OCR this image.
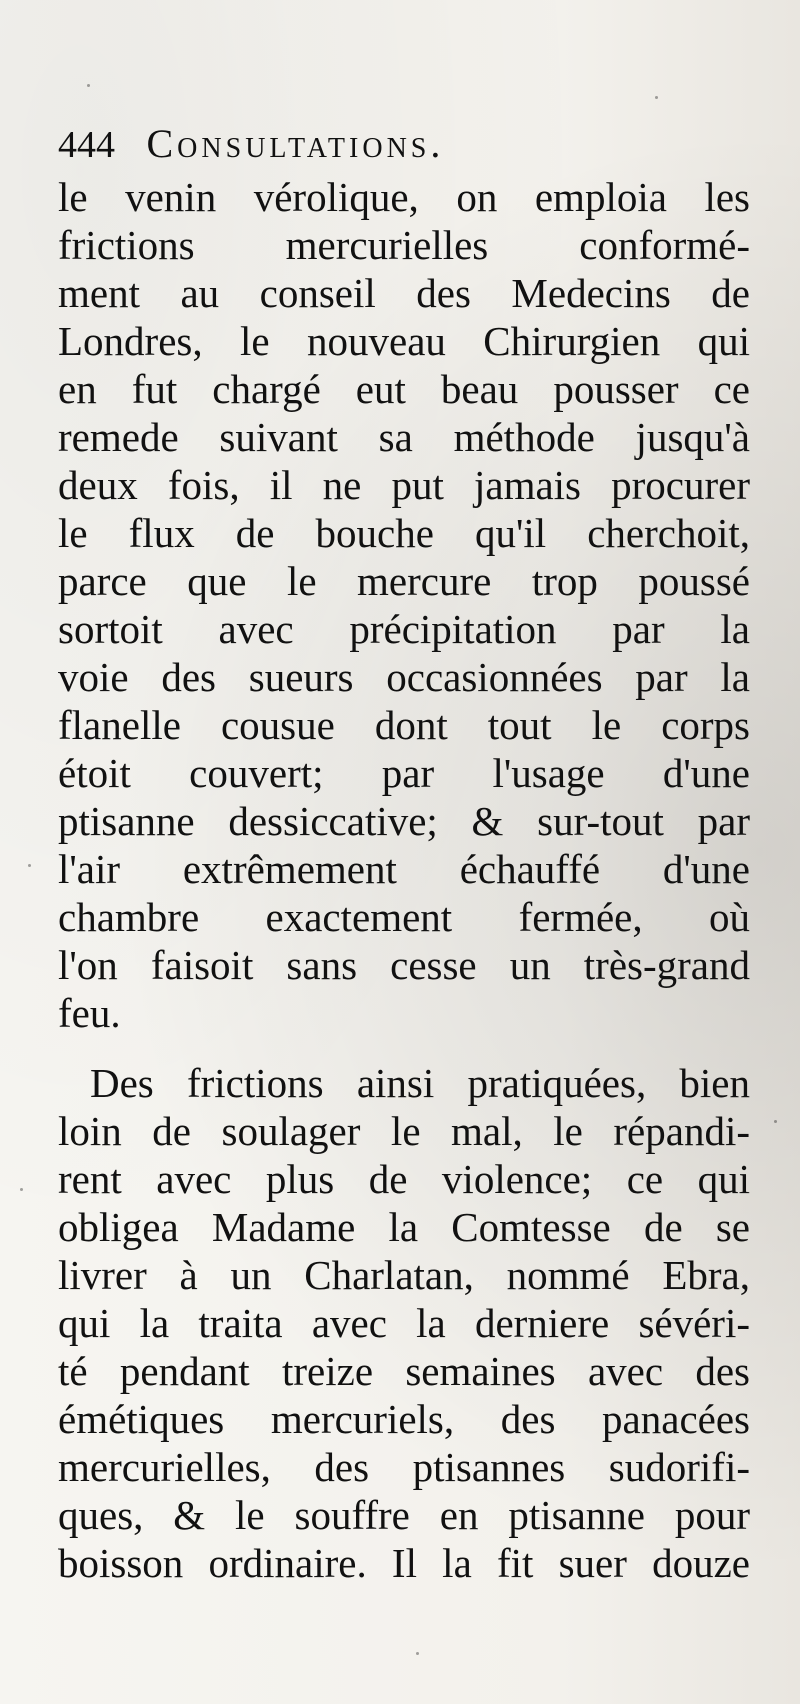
444 Consultations.
le venin vérolique, on emploia les
frictions mercurielles conformé-
ment au conseil des Medecins de
Londres, le nouveau Chirurgien qui
en fut chargé eut beau pousser ce
remede suivant sa méthode jusqu'à
deux fois, il ne put jamais procurer
le flux de bouche qu'il cherchoit,
parce que le mercure trop poussé
sortoit avec précipitation par la
voie des sueurs occasionnées par la
flanelle cousue dont tout le corps
étoit couvert; par l'usage d'une
ptisanne dessiccative; & sur-tout par
l'air extrêmement échauffé d'une
chambre exactement fermée, où
l'on faisoit sans cesse un très-grand
feu.
Des frictions ainsi pratiquées, bien
loin de soulager le mal, le répandi-
rent avec plus de violence; ce qui
obligea Madame la Comtesse de se
livrer à un Charlatan, nommé Ebra,
qui la traita avec la derniere sévéri-
té pendant treize semaines avec des
émétiques mercuriels, des panacées
mercurielles, des ptisannes sudorifi-
ques, & le souffre en ptisanne pour
boisson ordinaire. Il la fit suer douze
